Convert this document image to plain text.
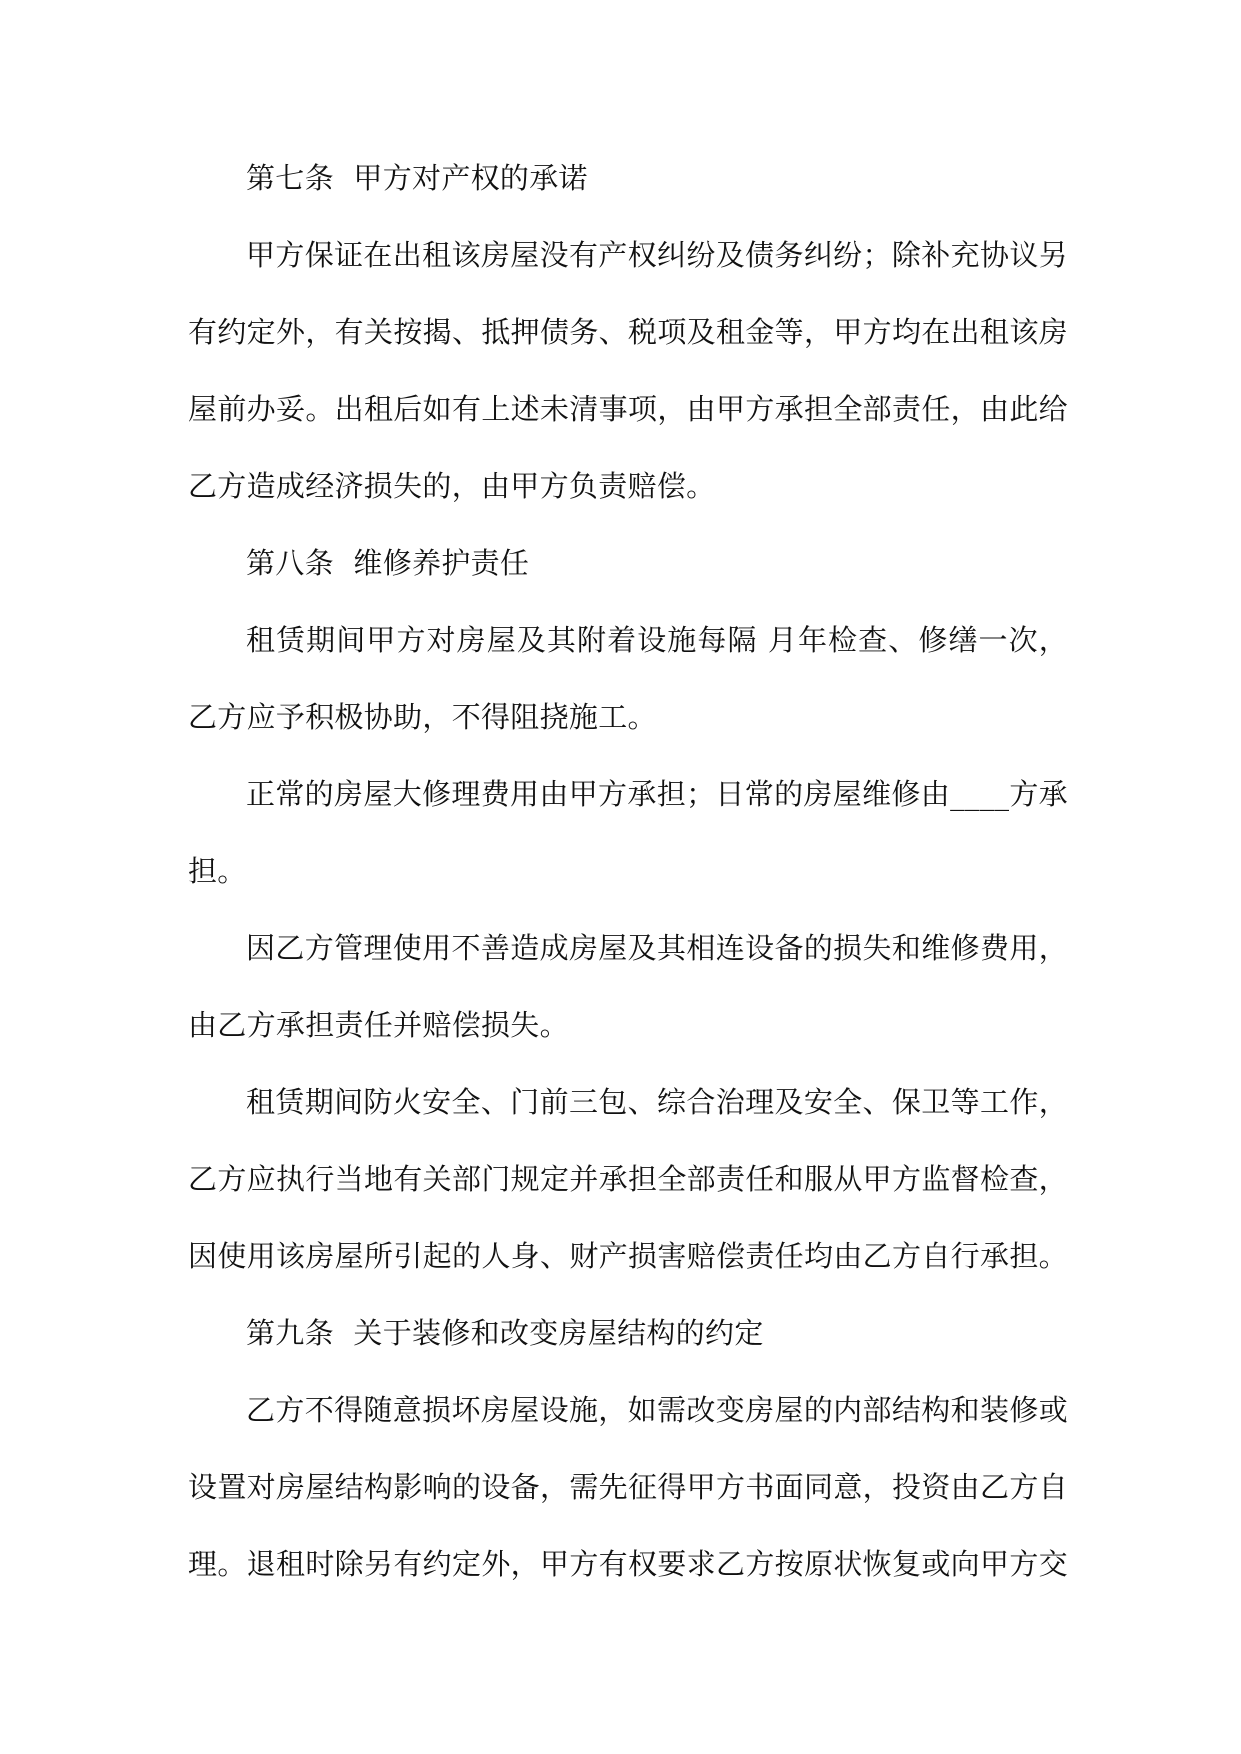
第七条 甲方对产权的承诺
甲方保证在出租该房屋没有产权纠纷及债务纠纷；除补充协议另
有约定外，有关按揭、抵押债务、税项及租金等，甲方均在出租该房
屋前办妥。出租后如有上述未清事项，由甲方承担全部责任，由此给
乙方造成经济损失的，由甲方负责赔偿。
第八条 维修养护责任
租赁期间甲方对房屋及其附着设施每隔 月年检查、修缮一次，
乙方应予积极协助，不得阻挠施工。
正常的房屋大修理费用由甲方承担；日常的房屋维修由____方承
担。
因乙方管理使用不善造成房屋及其相连设备的损失和维修费用，
由乙方承担责任并赔偿损失。
租赁期间防火安全、门前三包、综合治理及安全、保卫等工作，
乙方应执行当地有关部门规定并承担全部责任和服从甲方监督检查，
因使用该房屋所引起的人身、财产损害赔偿责任均由乙方自行承担。
第九条 关于装修和改变房屋结构的约定
乙方不得随意损坏房屋设施，如需改变房屋的内部结构和装修或
设置对房屋结构影响的设备，需先征得甲方书面同意，投资由乙方自
理。退租时除另有约定外，甲方有权要求乙方按原状恢复或向甲方交
